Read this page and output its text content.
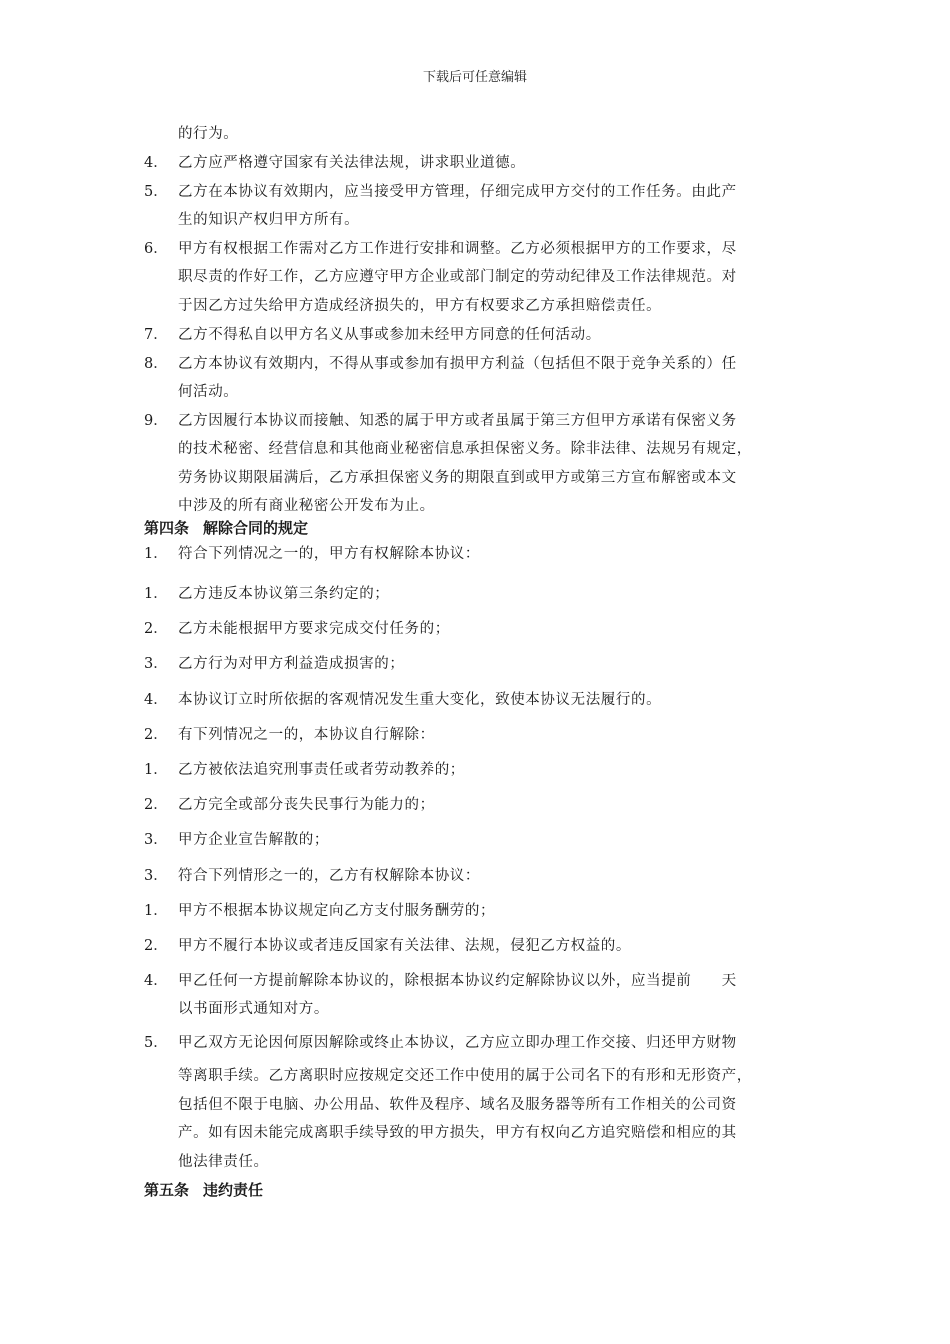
下载后可任意编辑
的行为。
4． 乙方应严格遵守国家有关法律法规，讲求职业道德。
5． 乙方在本协议有效期内，应当接受甲方管理，仔细完成甲方交付的工作任务。由此产
生的知识产权归甲方所有。
6． 甲方有权根据工作需对乙方工作进行安排和调整。乙方必须根据甲方的工作要求，尽
职尽责的作好工作，乙方应遵守甲方企业或部门制定的劳动纪律及工作法律规范。对
于因乙方过失给甲方造成经济损失的，甲方有权要求乙方承担赔偿责任。
7． 乙方不得私自以甲方名义从事或参加未经甲方同意的任何活动。
8． 乙方本协议有效期内，不得从事或参加有损甲方利益（包括但不限于竞争关系的）任
何活动。
9． 乙方因履行本协议而接触、知悉的属于甲方或者虽属于第三方但甲方承诺有保密义务
的技术秘密、经营信息和其他商业秘密信息承担保密义务。除非法律、法规另有规定，
劳务协议期限届满后，乙方承担保密义务的期限直到或甲方或第三方宣布解密或本文
中涉及的所有商业秘密公开发布为止。
1． 符合下列情况之一的，甲方有权解除本协议：
1． 乙方违反本协议第三条约定的；
2． 乙方未能根据甲方要求完成交付任务的；
3． 乙方行为对甲方利益造成损害的；
4． 本协议订立时所依据的客观情况发生重大变化，致使本协议无法履行的。
2． 有下列情况之一的，本协议自行解除：
1． 乙方被依法追究刑事责任或者劳动教养的；
2． 乙方完全或部分丧失民事行为能力的；
3． 甲方企业宣告解散的；
3． 符合下列情形之一的，乙方有权解除本协议：
1． 甲方不根据本协议规定向乙方支付服务酬劳的；
2． 甲方不履行本协议或者违反国家有关法律、法规，侵犯乙方权益的。
4． 甲乙任何一方提前解除本协议的，除根据本协议约定解除协议以外，应当提前　　天
以书面形式通知对方。
5． 甲乙双方无论因何原因解除或终止本协议，乙方应立即办理工作交接、归还甲方财物
等离职手续。乙方离职时应按规定交还工作中使用的属于公司名下的有形和无形资产，
包括但不限于电脑、办公用品、软件及程序、域名及服务器等所有工作相关的公司资
产。如有因未能完成离职手续导致的甲方损失，甲方有权向乙方追究赔偿和相应的其
他法律责任。
第四条 解除合同的规定
第五条 违约责任
